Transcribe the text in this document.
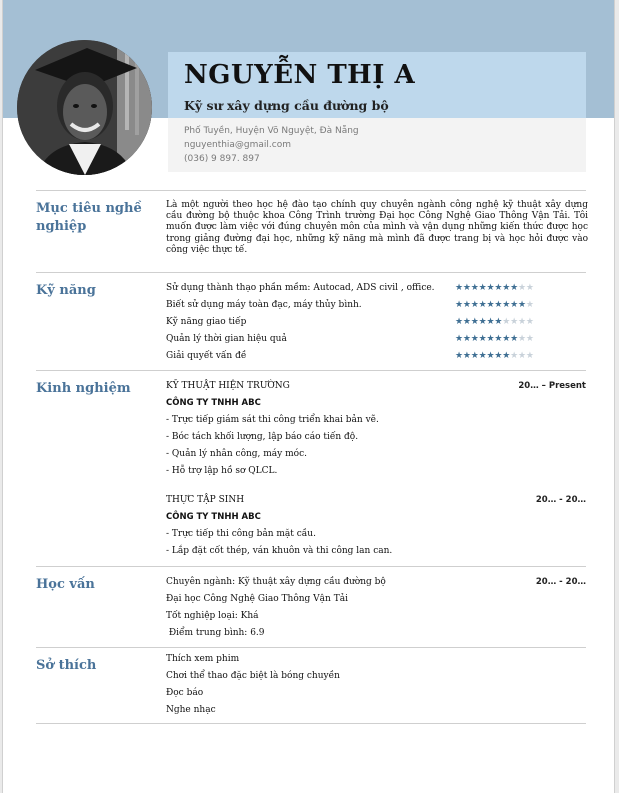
NGUYỄN THỊ A
Kỹ sư xây dựng cầu đường bộ
Phố Tuyền, Huyện Võ Nguyệt, Đà Nẵng
nguyenthia@gmail.com
(036) 9 897. 897
Mục tiêu nghề nghiệp
Là một người theo học hệ đào tạo chính quy chuyên ngành công nghệ kỹ thuật xây dựng cầu đường bộ thuộc khoa Công Trình trường Đại học Công Nghệ Giao Thông Vận Tải. Tôi muốn được làm việc với đúng chuyên môn của mình và vận dụng những kiến thức được học trong giảng đường đại học, những kỹ năng mà mình đã được trang bị và học hỏi được vào công việc thực tế.
Kỹ năng	Sử dụng thành thạo phần mềm: Autocad, ADS civil , office. ★★★★★★★★★★
Biết sử dụng máy toàn đạc, máy thủy bình.	★★★★★★★★★★
Kỹ năng giao tiếp	★★★★★★★★★★
Quản lý thời gian hiệu quả	★★★★★★★★★★
Giải quyết vấn đề	★★★★★★★★★★
Kinh nghiệm	KỸ THUẬT HIỆN TRƯỜNG	20… – Present
CÔNG TY TNHH ABC
- Trực tiếp giám sát thi công triển khai bản vẽ.
- Bóc tách khối lượng, lập báo cáo tiến độ.
- Quản lý nhân công, máy móc.
- Hỗ trợ lập hồ sơ QLCL.
THỰC TẬP SINH	20… - 20…
CÔNG TY TNHH ABC
- Trực tiếp thi công bản mặt cầu.
- Lắp đặt cốt thép, ván khuôn và thi công lan can.
Học vấn	Chuyên ngành: Kỹ thuật xây dựng cầu đường bộ	20… - 20…
Đại học Công Nghệ Giao Thông Vận Tải
Tốt nghiệp loại: Khá
Điểm trung bình: 6.9
Sở thích	Thích xem phim
Chơi thể thao đặc biệt là bóng chuyền
Đọc báo
Nghe nhạc
